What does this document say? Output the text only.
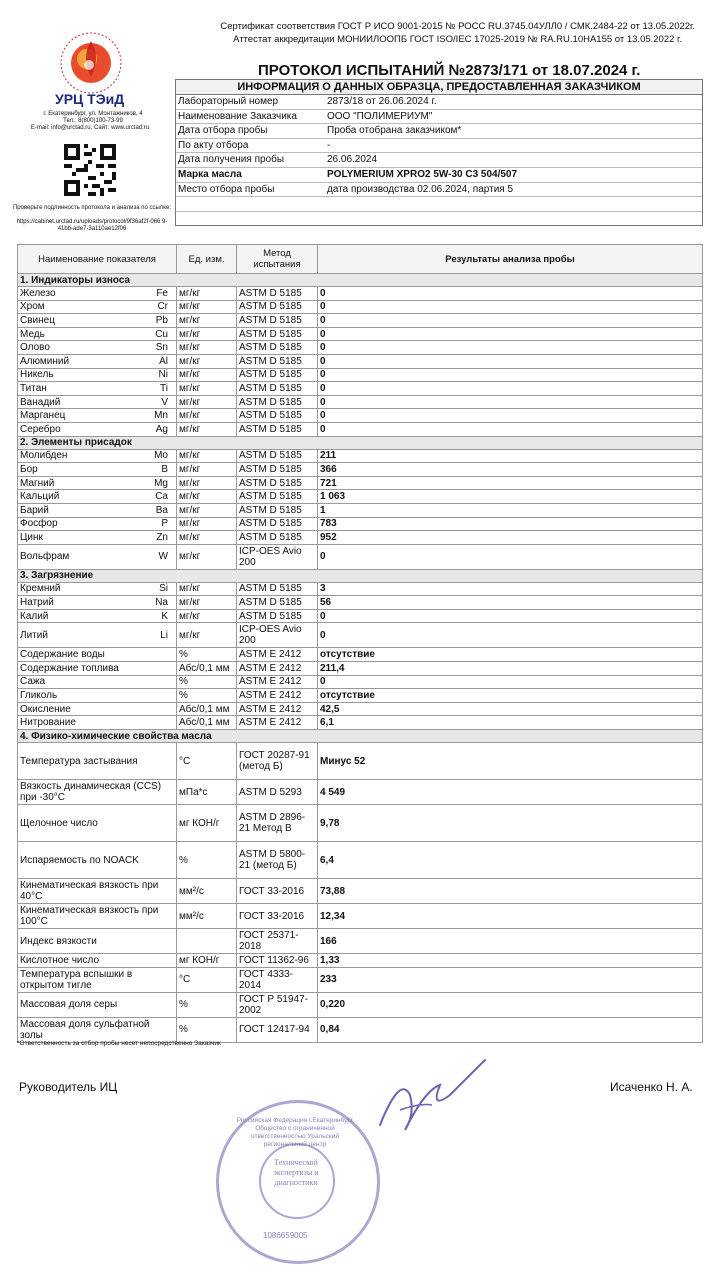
УРЦ ТЭиД
г. Екатеринбург, ул. Монтажников, 4
Тел.: 8(800)100-73-99
E-mail: info@urctad.ru, Сайт: www.urctad.ru
Проверьте подлинность протокола и анализа по ссылке:
https://cabinet.urctad.ru/uploads/protocol/9f36af2f-066 9-41bb-ade7-3a110ae12f06
Сертификат соответствия ГОСТ Р ИСО 9001-2015 № РОСС RU.3745.04УЛЛ0 / СМК.2484-22 от 13.05.2022г.
Аттестат аккредитации МОНИИЛООПБ ГОСТ ISO/IEC 17025-2019 № RA.RU.10НА155 от 13.05.2022 г.
ПРОТОКОЛ ИСПЫТАНИЙ №2873/171 от 18.07.2024 г.
ИНФОРМАЦИЯ О ДАННЫХ ОБРАЗЦА, ПРЕДОСТАВЛЕННАЯ ЗАКАЗЧИКОМ
Лабораторный номер	2873/18 от 26.06.2024 г.
Наименование Заказчика	ООО "ПОЛИМЕРИУМ"
Дата отбора пробы	Проба отобрана заказчиком*
По акту отбора	-
Дата получения пробы	26.06.2024
Марка масла	POLYMERIUM XPRO2 5W-30 C3 504/507
Место отбора пробы	дата производства 02.06.2024, партия 5
Наименование показателя	Ед. изм.	Метод испытания	Результаты анализа пробы
1. Индикаторы износа			

Железо Fe	мг/кг	ASTM D 5185	0

Хром Cr	мг/кг	ASTM D 5185	0

Свинец Pb	мг/кг	ASTM D 5185	0

Медь Cu	мг/кг	ASTM D 5185	0

Олово Sn	мг/кг	ASTM D 5185	0

Алюминий Al	мг/кг	ASTM D 5185	0

Никель Ni	мг/кг	ASTM D 5185	0

Титан Ti	мг/кг	ASTM D 5185	0

Ванадий V	мг/кг	ASTM D 5185	0

Марганец Mn	мг/кг	ASTM D 5185	0

Серебро Ag	мг/кг	ASTM D 5185	0
2. Элементы присадок			

Молибден Mo	мг/кг	ASTM D 5185	211

Бор B	мг/кг	ASTM D 5185	366

Магний Mg	мг/кг	ASTM D 5185	721

Кальций Ca	мг/кг	ASTM D 5185	1 063

Барий Ba	мг/кг	ASTM D 5185	1

Фосфор P	мг/кг	ASTM D 5185	783

Цинк Zn	мг/кг	ASTM D 5185	952

Вольфрам W	мг/кг	ICP-OES Avio 200	0
3. Загрязнение			

Кремний Si	мг/кг	ASTM D 5185	3

Натрий Na	мг/кг	ASTM D 5185	56

Калий K	мг/кг	ASTM D 5185	0

Литий Li	мг/кг	ICP-OES Avio 200	0

Содержание воды	%	ASTM E 2412	отсутствие

Содержание топлива	Абс/0,1 мм	ASTM E 2412	211,4

Сажа	%	ASTM E 2412	0

Гликоль	%	ASTM E 2412	отсутствие

Окисление	Абс/0,1 мм	ASTM E 2412	42,5

Нитрование	Абс/0,1 мм	ASTM E 2412	6,1
4. Физико-химические свойства масла			

Температура застывания	°С	ГОСТ 20287-91 (метод Б)	Минус 52

Вязкость динамическая (CCS) при -30°С	мПа*с	ASTM D 5293	4 549

Щелочное число	мг КОН/г	ASTM D 2896-21 Метод В	9,78

Испаряемость по NOACK	%	ASTM D 5800-21 (метод Б)	6,4

Кинематическая вязкость при 40°С	мм²/с	ГОСТ 33-2016	73,88

Кинематическая вязкость при 100°С	мм²/с	ГОСТ 33-2016	12,34

Индекс вязкости		ГОСТ 25371-2018	166

Кислотное число	мг КОН/г	ГОСТ 11362-96	1,33

Температура вспышки в открытом тигле	°С	ГОСТ 4333-2014	233

Массовая доля серы	%	ГОСТ Р 51947-2002	0,220

Массовая доля сульфатной золы	%	ГОСТ 12417-94	0,84
*Ответственность за отбор пробы несет непосредственно Заказчик
Руководитель ИЦ	Исаченко Н. А.
Технической экспертизы и диагностики
Российская Федерация г.Екатеринбург Общество с ограниченной ответственностью Уральский региональный центр
1086659005
